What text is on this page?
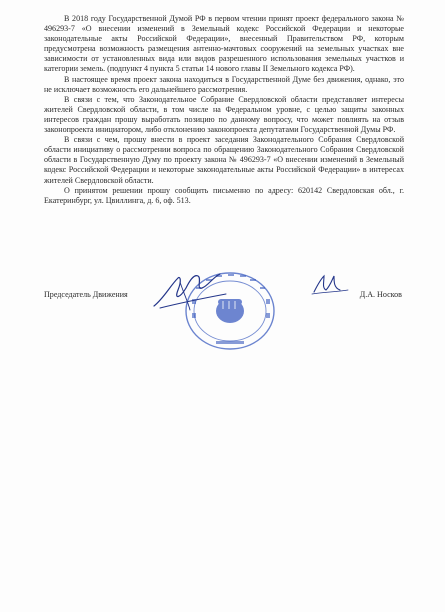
В 2018 году Государственной Думой РФ в первом чтении принят проект федерального закона № 496293-7 «О внесении изменений в Земельный кодекс Российской Федерации и некоторые законодательные акты Российской Федерации», внесенный Правительством РФ, которым предусмотрена возможность размещения антенно-мачтовых сооружений на земельных участках вне зависимости от установленных вида или видов разрешенного использования земельных участков и категории земель. (подпункт 4 пункта 5 статьи 14 нового главы II Земельного кодекса РФ).

В настоящее время проект закона находиться в Государственной Думе без движения, однако, это не исключает возможность его дальнейшего рассмотрения.

В связи с тем, что Законодательное Собрание Свердловской области представляет интересы жителей Свердловской области, в том числе на Федеральном уровне, с целью защиты законных интересов граждан прошу выработать позицию по данному вопросу, что может повлиять на отзыв законопроекта инициатором, либо отклонению законопроекта депутатами Государственной Думы РФ.

В связи с чем, прошу внести в проект заседания Законодательного Собрания Свердловской области инициативу о рассмотрении вопроса по обращению Законодательного Собрания Свердловской области в Государственную Думу по проекту закона № 496293-7 «О внесении изменений в Земельный кодекс Российской Федерации и некоторые законодательные акты Российской Федерации» в интересах жителей Свердловской области.

О принятом решении прошу сообщить письменно по адресу: 620142 Свердловская обл., г. Екатеринбург, ул. Цвиллинга, д. 6, оф. 513.

Председатель Движения	Д.А. Носков
